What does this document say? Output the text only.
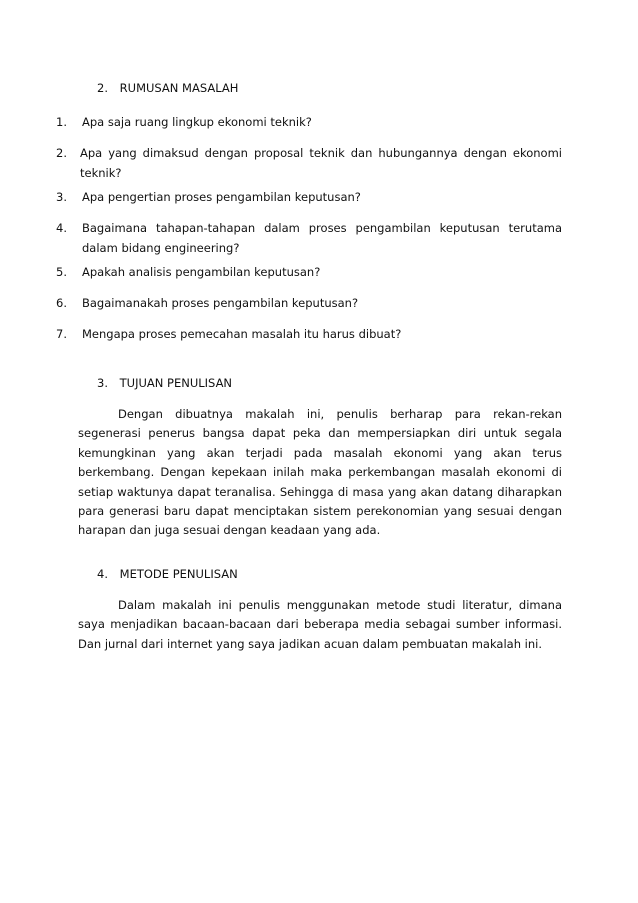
2. RUMUSAN MASALAH
1.	Apa saja ruang lingkup ekonomi teknik?
2.	Apa yang dimaksud dengan proposal teknik dan hubungannya dengan ekonomi teknik?
3.	Apa pengertian proses pengambilan keputusan?
4.	Bagaimana tahapan-tahapan dalam proses pengambilan keputusan terutama dalam bidang engineering?
5.	Apakah analisis pengambilan keputusan?
6.	Bagaimanakah proses pengambilan keputusan?
7.	Mengapa proses pemecahan masalah itu harus dibuat?
3. TUJUAN PENULISAN

Dengan dibuatnya makalah ini, penulis berharap para rekan-rekan segenerasi penerus bangsa dapat peka dan mempersiapkan diri untuk segala kemungkinan yang akan terjadi pada masalah ekonomi yang akan terus berkembang. Dengan kepekaan inilah maka perkembangan masalah ekonomi di setiap waktunya dapat teranalisa. Sehingga di masa yang akan datang diharapkan para generasi baru dapat menciptakan sistem perekonomian yang sesuai dengan harapan dan juga sesuai dengan keadaan yang ada.

4. METODE PENULISAN

Dalam makalah ini penulis menggunakan metode studi literatur, dimana saya menjadikan bacaan-bacaan dari beberapa media sebagai sumber informasi. Dan jurnal dari internet yang saya jadikan acuan dalam pembuatan makalah ini.
